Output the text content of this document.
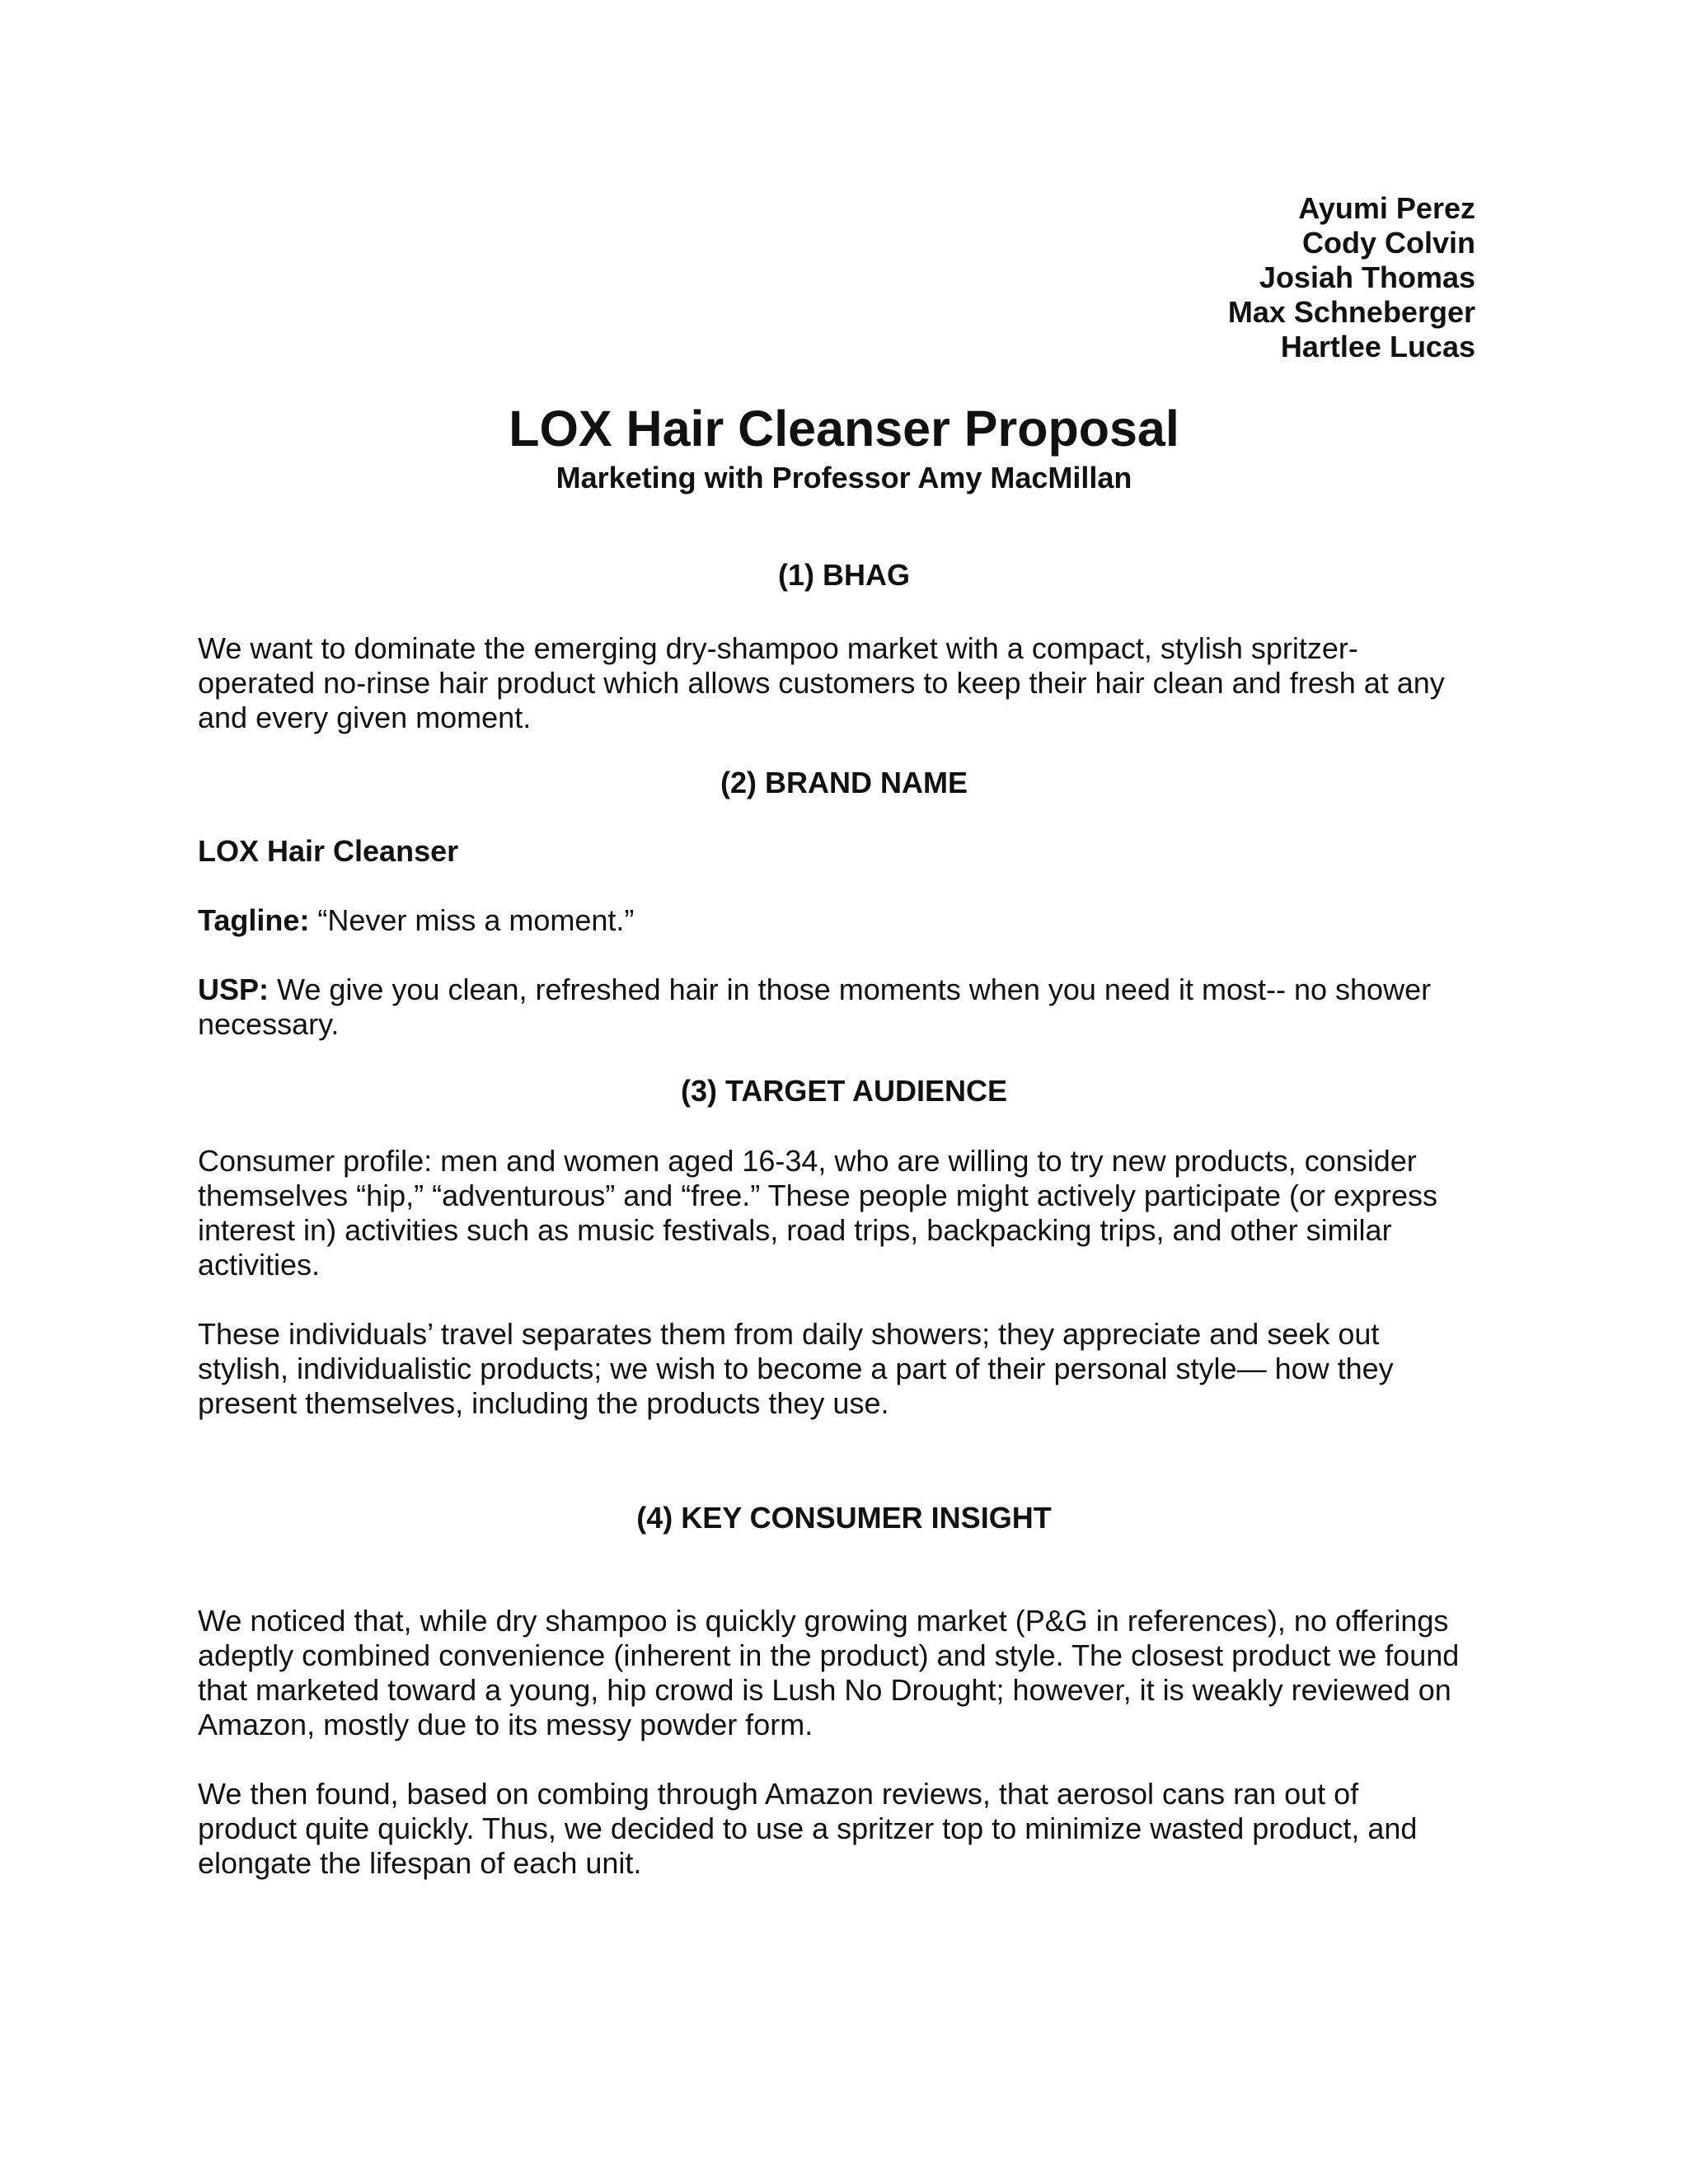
Ayumi Perez
Cody Colvin
Josiah Thomas
Max Schneberger
Hartlee Lucas
LOX Hair Cleanser Proposal
Marketing with Professor Amy MacMillan
(1) BHAG
We want to dominate the emerging dry-shampoo market with a compact, stylish spritzer-
operated no-rinse hair product which allows customers to keep their hair clean and fresh at any
and every given moment.
(2) BRAND NAME
LOX Hair Cleanser
Tagline: “Never miss a moment.”
USP: We give you clean, refreshed hair in those moments when you need it most-- no shower
necessary.
(3) TARGET AUDIENCE
Consumer profile: men and women aged 16-34, who are willing to try new products, consider
themselves “hip,” “adventurous” and “free.” These people might actively participate (or express
interest in) activities such as music festivals, road trips, backpacking trips, and other similar
activities.
These individuals’ travel separates them from daily showers; they appreciate and seek out
stylish, individualistic products; we wish to become a part of their personal style— how they
present themselves, including the products they use.
(4) KEY CONSUMER INSIGHT
We noticed that, while dry shampoo is quickly growing market (P&G in references), no offerings
adeptly combined convenience (inherent in the product) and style. The closest product we found
that marketed toward a young, hip crowd is Lush No Drought; however, it is weakly reviewed on
Amazon, mostly due to its messy powder form.
We then found, based on combing through Amazon reviews, that aerosol cans ran out of
product quite quickly. Thus, we decided to use a spritzer top to minimize wasted product, and
elongate the lifespan of each unit.
